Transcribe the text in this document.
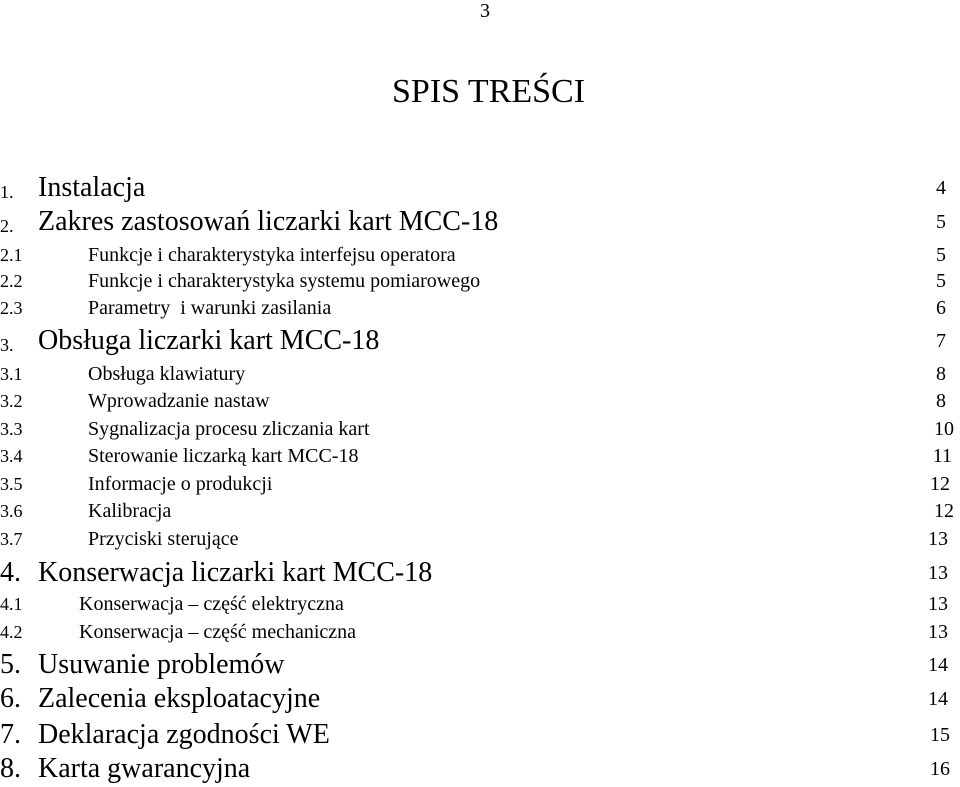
3
SPIS TREŚCI
1. Instalacja	4
2. Zakres zastosowań liczarki kart MCC-18	5
2.1	Funkcje i charakterystyka interfejsu operatora	5
2.2	Funkcje i charakterystyka systemu pomiarowego	5
2.3	Parametry  i warunki zasilania	6
3. Obsługa liczarki kart MCC-18	7
3.1	Obsługa klawiatury	8
3.2	Wprowadzanie nastaw	8
3.3	Sygnalizacja procesu zliczania kart	10
3.4	Sterowanie liczarką kart MCC-18	11
3.5	Informacje o produkcji	12
3.6	Kalibracja	12
3.7	Przyciski sterujące	13
4. Konserwacja liczarki kart MCC-18	13
4.1	Konserwacja – część elektryczna	13
4.2	Konserwacja – część mechaniczna	13
5. Usuwanie problemów	14
6. Zalecenia eksploatacyjne	14
7. Deklaracja zgodności WE	15
8. Karta gwarancyjna	16
